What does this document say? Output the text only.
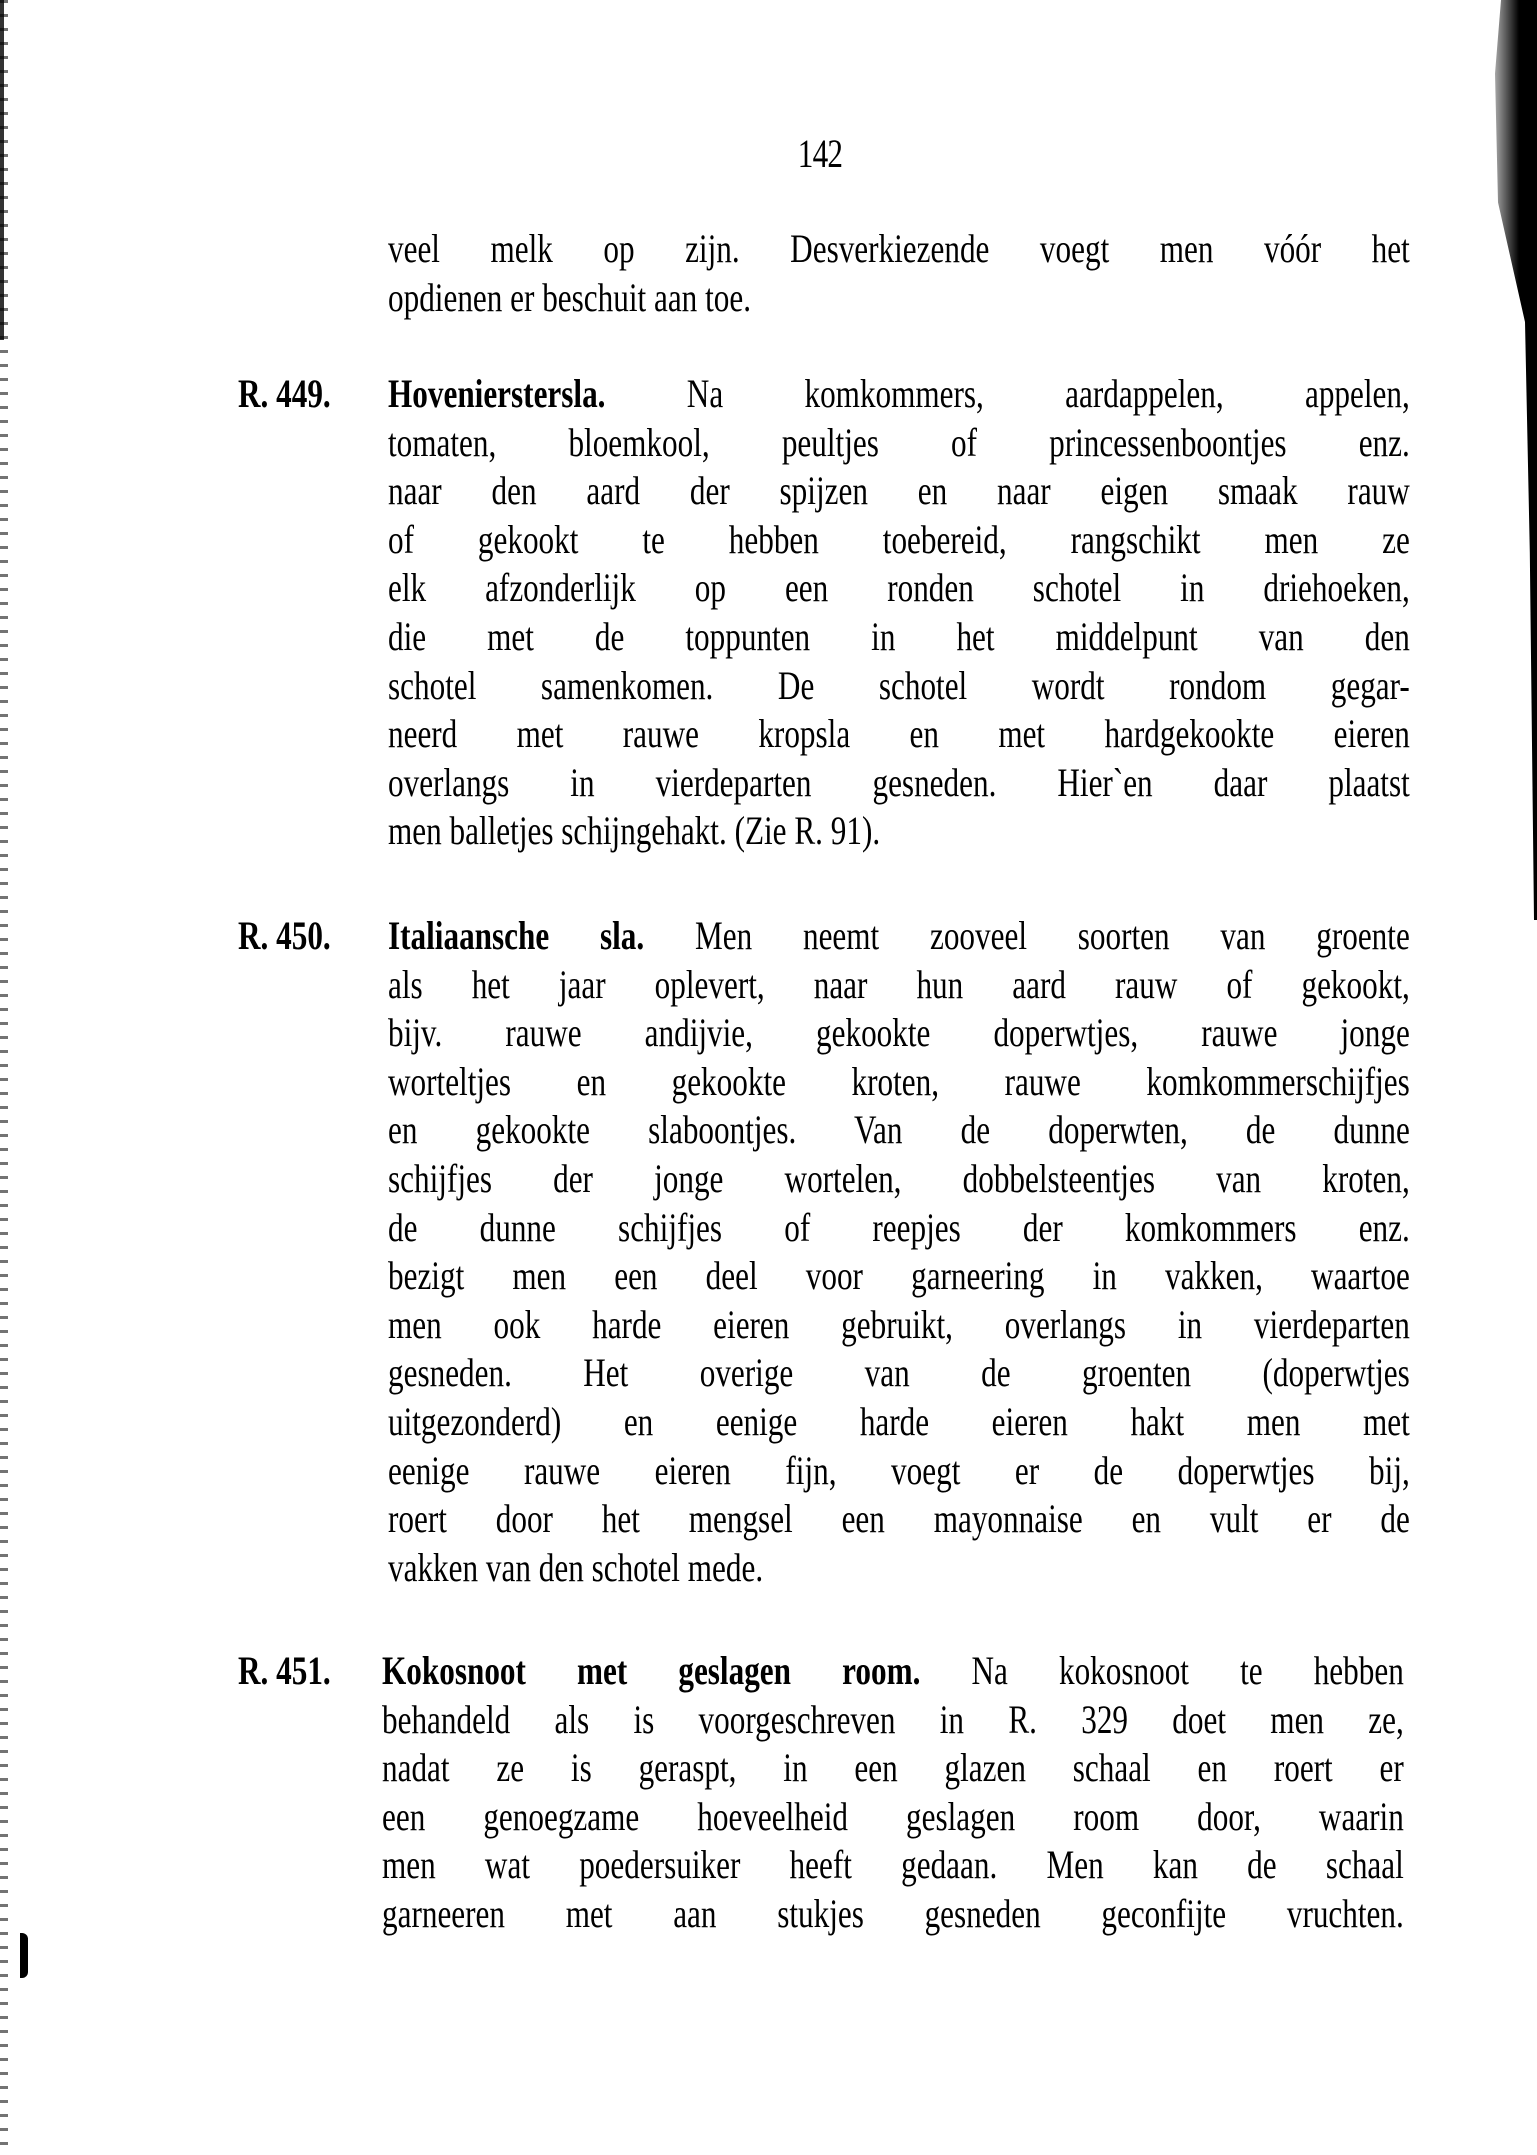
142
veel melk op zijn. Desverkiezende voegt men vóór het
opdienen er beschuit aan toe.
R. 449. Hovenierstersla. Na komkommers, aardappelen, appelen,
tomaten, bloemkool, peultjes of princessenboontjes enz.
naar den aard der spijzen en naar eigen smaak rauw
of gekookt te hebben toebereid, rangschikt men ze
elk afzonderlijk op een ronden schotel in driehoeken,
die met de toppunten in het middelpunt van den
schotel samenkomen. De schotel wordt rondom gegar-
neerd met rauwe kropsla en met hardgekookte eieren
overlangs in vierdeparten gesneden. Hier`en daar plaatst
men balletjes schijngehakt. (Zie R. 91).
R. 450. Italiaansche sla. Men neemt zooveel soorten van groente
als het jaar oplevert, naar hun aard rauw of gekookt,
bijv. rauwe andijvie, gekookte doperwtjes, rauwe jonge
worteltjes en gekookte kroten, rauwe komkommerschijfjes
en gekookte slaboontjes. Van de doperwten, de dunne
schijfjes der jonge wortelen, dobbelsteentjes van kroten,
de dunne schijfjes of reepjes der komkommers enz.
bezigt men een deel voor garneering in vakken, waartoe
men ook harde eieren gebruikt, overlangs in vierdeparten
gesneden. Het overige van de groenten (doperwtjes
uitgezonderd) en eenige harde eieren hakt men met
eenige rauwe eieren fijn, voegt er de doperwtjes bij,
roert door het mengsel een mayonnaise en vult er de
vakken van den schotel mede.
R. 451. Kokosnoot met geslagen room. Na kokosnoot te hebben
behandeld als is voorgeschreven in R. 329 doet men ze,
nadat ze is geraspt, in een glazen schaal en roert er
een genoegzame hoeveelheid geslagen room door, waarin
men wat poedersuiker heeft gedaan. Men kan de schaal
garneeren met aan stukjes gesneden geconfijte vruchten.
